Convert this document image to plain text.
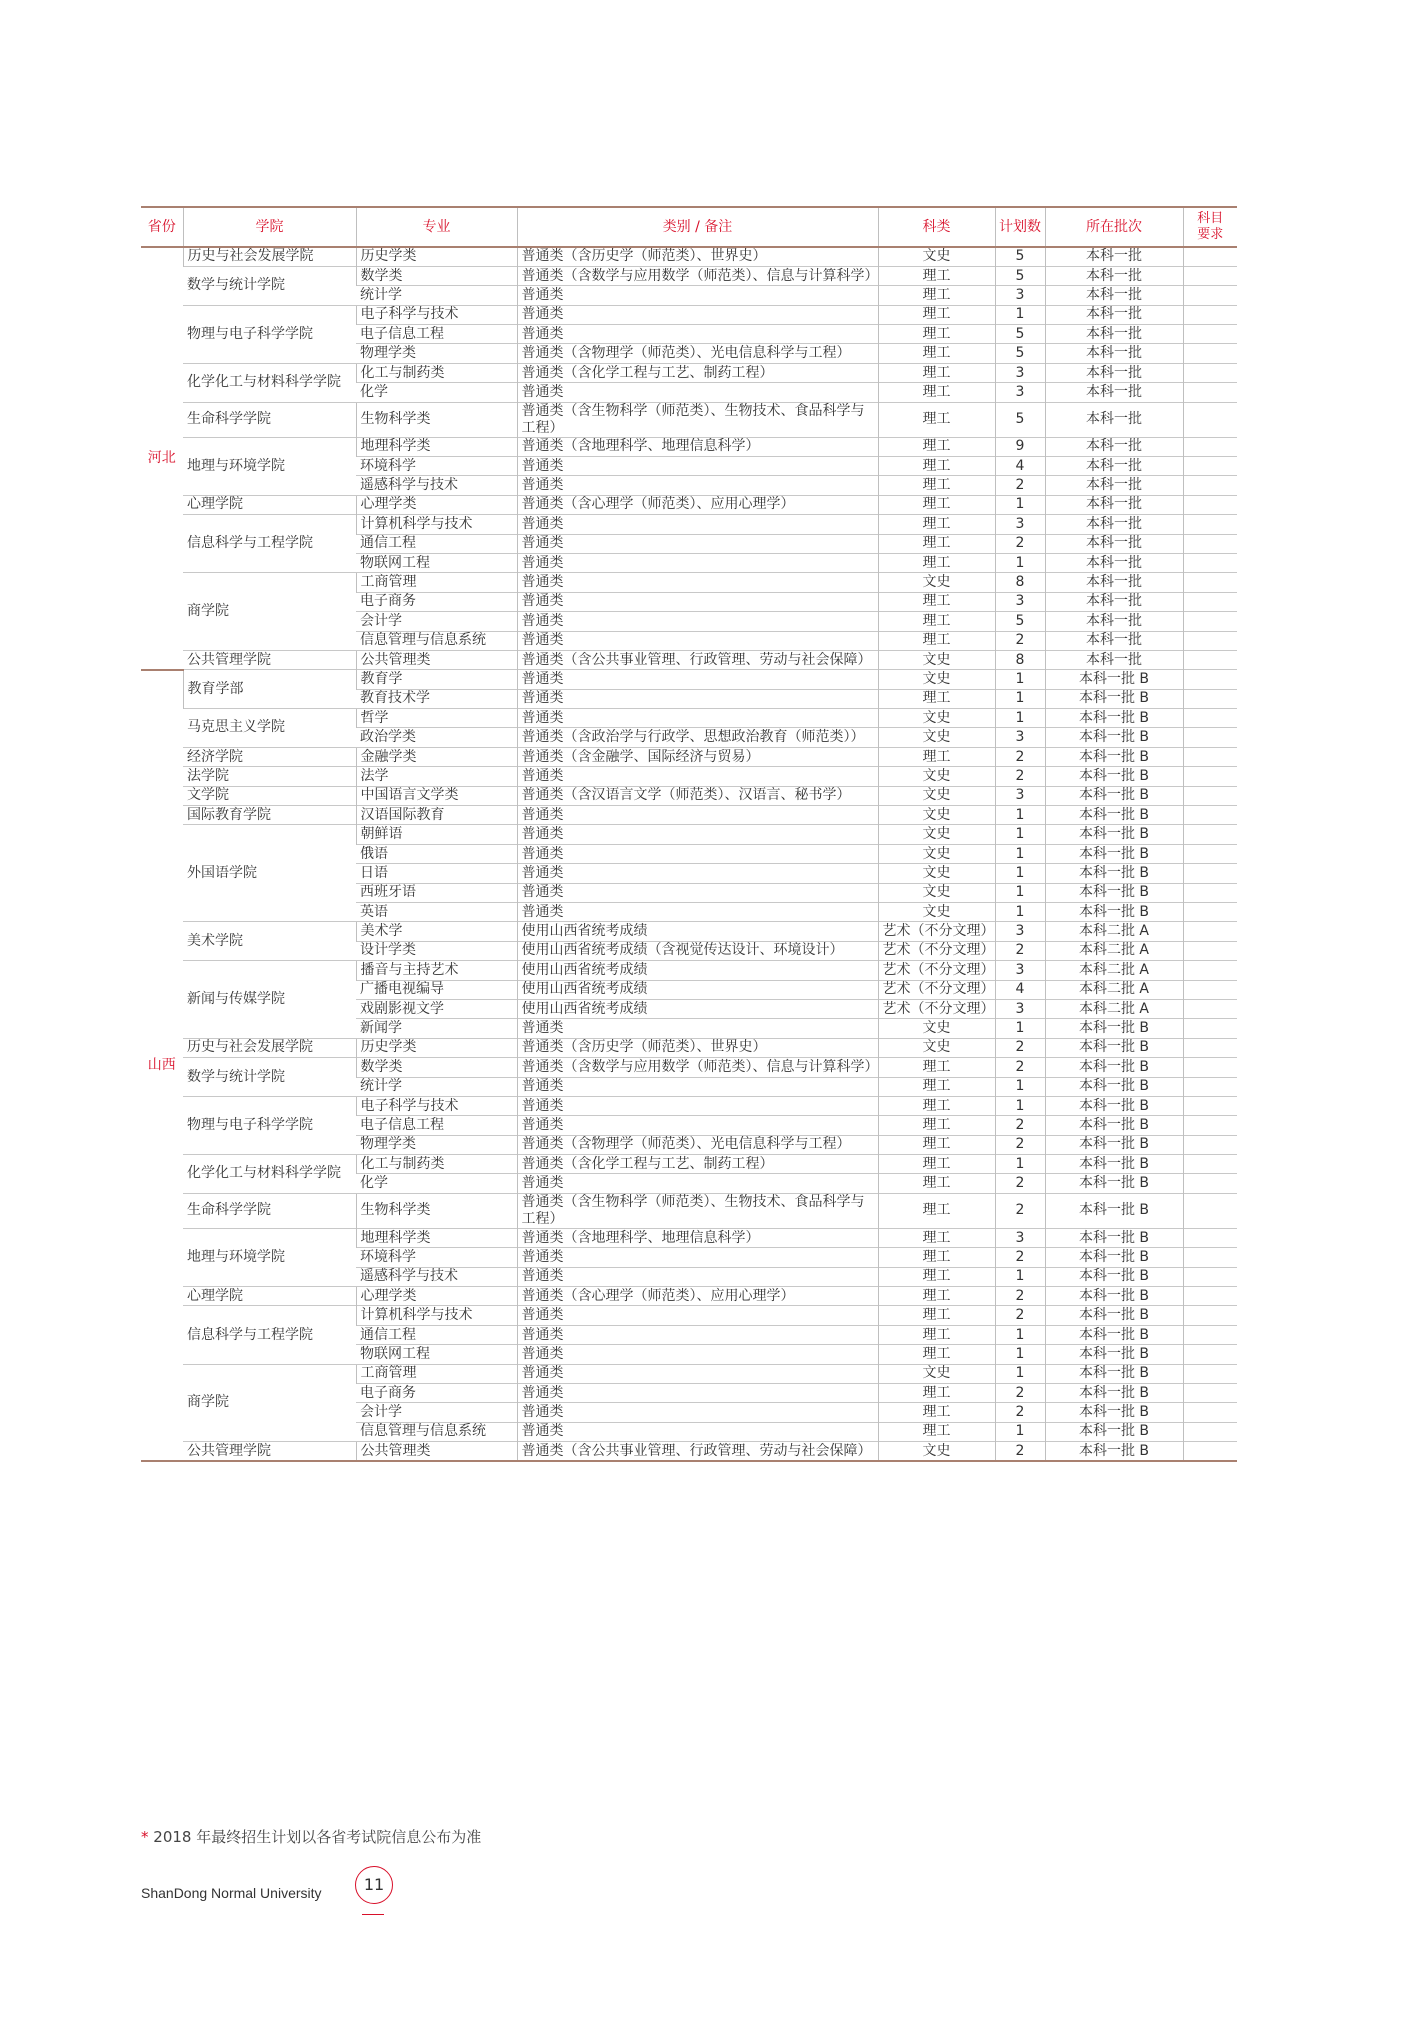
省份	学院	专业	类别 / 备注	科类	计划数	所在批次	科目要求
河北	历史与社会发展学院	历史学类	普通类（含历史学（师范类）、世界史）	文史	5	本科一批	
	数学与统计学院	数学类	普通类（含数学与应用数学（师范类）、信息与计算科学）	理工	5	本科一批	
		统计学	普通类	理工	3	本科一批	
	物理与电子科学学院	电子科学与技术	普通类	理工	1	本科一批	
		电子信息工程	普通类	理工	5	本科一批	
		物理学类	普通类（含物理学（师范类）、光电信息科学与工程）	理工	5	本科一批	
	化学化工与材料科学学院	化工与制药类	普通类（含化学工程与工艺、制药工程）	理工	3	本科一批	
		化学	普通类	理工	3	本科一批	
	生命科学学院	生物科学类	普通类（含生物科学（师范类）、生物技术、食品科学与工程）	理工	5	本科一批	
	地理与环境学院	地理科学类	普通类（含地理科学、地理信息科学）	理工	9	本科一批	
		环境科学	普通类	理工	4	本科一批	
		遥感科学与技术	普通类	理工	2	本科一批	
	心理学院	心理学类	普通类（含心理学（师范类）、应用心理学）	理工	1	本科一批	
	信息科学与工程学院	计算机科学与技术	普通类	理工	3	本科一批	
		通信工程	普通类	理工	2	本科一批	
		物联网工程	普通类	理工	1	本科一批	
	商学院	工商管理	普通类	文史	8	本科一批	
		电子商务	普通类	理工	3	本科一批	
		会计学	普通类	理工	5	本科一批	
		信息管理与信息系统	普通类	理工	2	本科一批	
	公共管理学院	公共管理类	普通类（含公共事业管理、行政管理、劳动与社会保障）	文史	8	本科一批	
山西	教育学部	教育学	普通类	文史	1	本科一批 B	
		教育技术学	普通类	理工	1	本科一批 B	
	马克思主义学院	哲学	普通类	文史	1	本科一批 B	
		政治学类	普通类（含政治学与行政学、思想政治教育（师范类））	文史	3	本科一批 B	
	经济学院	金融学类	普通类（含金融学、国际经济与贸易）	理工	2	本科一批 B	
	法学院	法学	普通类	文史	2	本科一批 B	
	文学院	中国语言文学类	普通类（含汉语言文学（师范类）、汉语言、秘书学）	文史	3	本科一批 B	
	国际教育学院	汉语国际教育	普通类	文史	1	本科一批 B	
	外国语学院	朝鲜语	普通类	文史	1	本科一批 B	
		俄语	普通类	文史	1	本科一批 B	
		日语	普通类	文史	1	本科一批 B	
		西班牙语	普通类	文史	1	本科一批 B	
		英语	普通类	文史	1	本科一批 B	
	美术学院	美术学	使用山西省统考成绩	艺术（不分文理）	3	本科二批 A	
		设计学类	使用山西省统考成绩（含视觉传达设计、环境设计）	艺术（不分文理）	2	本科二批 A	
	新闻与传媒学院	播音与主持艺术	使用山西省统考成绩	艺术（不分文理）	3	本科二批 A	
		广播电视编导	使用山西省统考成绩	艺术（不分文理）	4	本科二批 A	
		戏剧影视文学	使用山西省统考成绩	艺术（不分文理）	3	本科二批 A	
		新闻学	普通类	文史	1	本科一批 B	
	历史与社会发展学院	历史学类	普通类（含历史学（师范类）、世界史）	文史	2	本科一批 B	
	数学与统计学院	数学类	普通类（含数学与应用数学（师范类）、信息与计算科学）	理工	2	本科一批 B	
		统计学	普通类	理工	1	本科一批 B	
	物理与电子科学学院	电子科学与技术	普通类	理工	1	本科一批 B	
		电子信息工程	普通类	理工	2	本科一批 B	
		物理学类	普通类（含物理学（师范类）、光电信息科学与工程）	理工	2	本科一批 B	
	化学化工与材料科学学院	化工与制药类	普通类（含化学工程与工艺、制药工程）	理工	1	本科一批 B	
		化学	普通类	理工	2	本科一批 B	
	生命科学学院	生物科学类	普通类（含生物科学（师范类）、生物技术、食品科学与工程）	理工	2	本科一批 B	
	地理与环境学院	地理科学类	普通类（含地理科学、地理信息科学）	理工	3	本科一批 B	
		环境科学	普通类	理工	2	本科一批 B	
		遥感科学与技术	普通类	理工	1	本科一批 B	
	心理学院	心理学类	普通类（含心理学（师范类）、应用心理学）	理工	2	本科一批 B	
	信息科学与工程学院	计算机科学与技术	普通类	理工	2	本科一批 B	
		通信工程	普通类	理工	1	本科一批 B	
		物联网工程	普通类	理工	1	本科一批 B	
	商学院	工商管理	普通类	文史	1	本科一批 B	
		电子商务	普通类	理工	2	本科一批 B	
		会计学	普通类	理工	2	本科一批 B	
		信息管理与信息系统	普通类	理工	1	本科一批 B	
	公共管理学院	公共管理类	普通类（含公共事业管理、行政管理、劳动与社会保障）	文史	2	本科一批 B	
* 2018 年最终招生计划以各省考试院信息公布为准
ShanDong Normal University	11
